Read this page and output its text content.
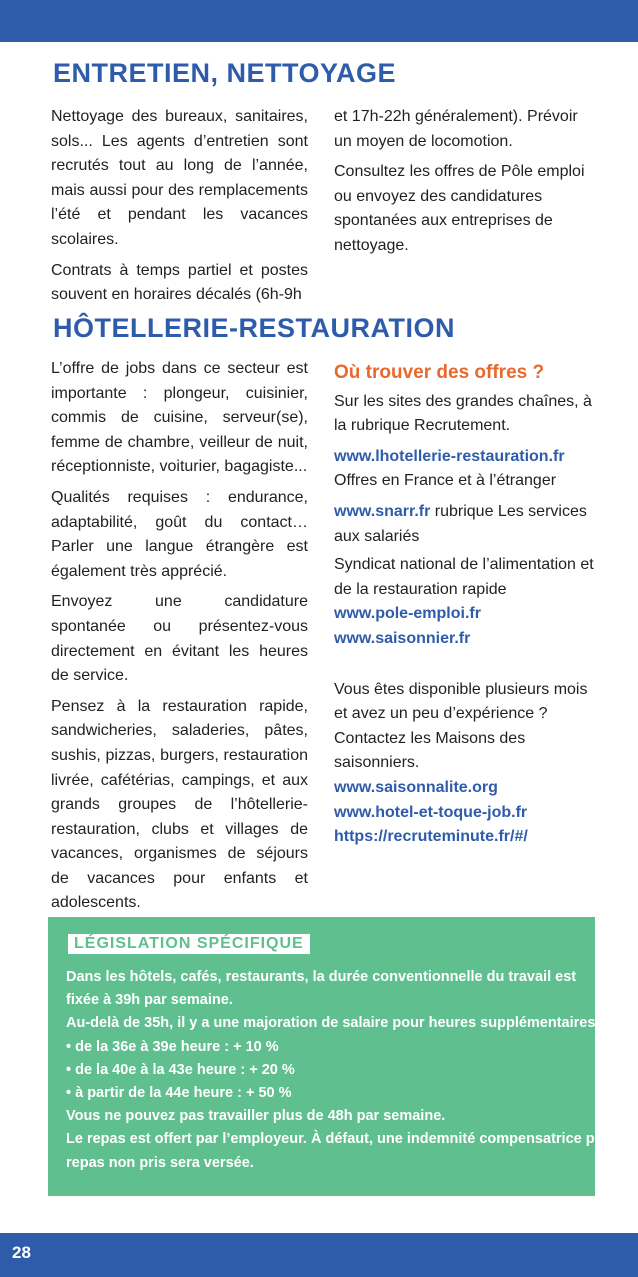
ENTRETIEN, NETTOYAGE

Nettoyage des bureaux, sanitaires, sols... Les agents d’entretien sont recrutés tout au long de l’année, mais aussi pour des remplacements l’été et pendant les vacances scolaires.

Contrats à temps partiel et postes souvent en horaires décalés (6h-9h

et 17h-22h généralement). Prévoir un moyen de locomotion.

Consultez les offres de Pôle emploi ou envoyez des candidatures spontanées aux entreprises de nettoyage.

HÔTELLERIE-RESTAURATION

L’offre de jobs dans ce secteur est importante : plongeur, cuisinier, commis de cuisine, serveur(se), femme de chambre, veilleur de nuit, réceptionniste, voiturier, bagagiste...

Qualités requises : endurance, adaptabilité, goût du contact… Parler une langue étrangère est également très apprécié.

Envoyez une candidature spontanée ou présentez-vous directement en évitant les heures de service.

Pensez à la restauration rapide, sandwicheries, saladeries, pâtes, sushis, pizzas, burgers, restauration livrée, cafétérias, campings, et aux grands groupes de l’hôtellerie-restauration, clubs et villages de vacances, organismes de séjours de vacances pour enfants et adolescents.

Où trouver des offres ?
Sur les sites des grandes chaînes, à la rubrique Recrutement.
www.lhotellerie-restauration.fr
Offres en France et à l’étranger
www.snarr.fr rubrique Les services aux salariés
Syndicat national de l’alimentation et de la restauration rapide
www.pole-emploi.fr
www.saisonnier.fr
Vous êtes disponible plusieurs mois et avez un peu d’expérience ? Contactez les Maisons des saisonniers.
www.saisonnalite.org
www.hotel-et-toque-job.fr
https://recruteminute.fr/#/
LÉGISLATION SPÉCIFIQUE
Dans les hôtels, cafés, restaurants, la durée conventionnelle du travail est
fixée à 39h par semaine.
Au-delà de 35h, il y a une majoration de salaire pour heures supplémentaires :
• de la 36e à 39e heure : + 10 %
• de la 40e à la 43e heure : + 20 %
• à partir de la 44e heure : + 50 %
Vous ne pouvez pas travailler plus de 48h par semaine.
Le repas est offert par l’employeur. À défaut, une indemnité compensatrice pour
repas non pris sera versée.
28
